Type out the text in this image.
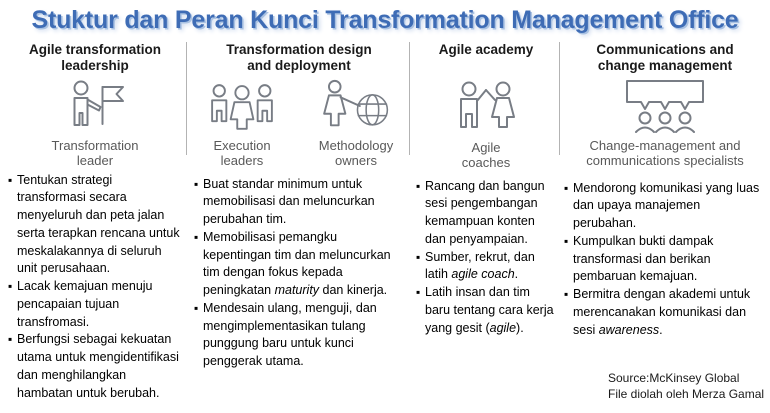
Stuktur dan Peran Kunci Transformation Management Office
Agile transformation leadership
Transformation leader
▪ Tentukan strategi transformasi secara menyeluruh dan peta jalan serta terapkan rencana untuk meskalakannya di seluruh unit perusahaan.
▪ Lacak kemajuan menuju pencapaian tujuan transfromasi.
▪ Berfungsi sebagai kekuatan utama untuk mengidentifikasi dan menghilangkan hambatan untuk berubah.
Transformation design and deployment
Execution leaders
Methodology owners
▪ Buat standar minimum untuk memobilisasi dan meluncurkan perubahan tim.
▪ Memobilisasi pemangku kepentingan tim dan meluncurkan tim dengan fokus kepada peningkatan maturity dan kinerja.
▪ Mendesain ulang, menguji, dan mengimplementasikan tulang punggung baru untuk kunci penggerak utama.
Agile academy
Agile coaches
▪ Rancang dan bangun sesi pengembangan kemampuan konten dan penyampaian.
▪ Sumber, rekrut, dan latih agile coach.
▪ Latih insan dan tim baru tentang cara kerja yang gesit (agile).
Communications and change management
Change-management and communications specialists
▪ Mendorong komunikasi yang luas dan upaya manajemen perubahan.
▪ Kumpulkan bukti dampak transformasi dan berikan pembaruan kemajuan.
▪ Bermitra dengan akademi untuk merencanakan komunikasi dan sesi awareness.
Source:McKinsey Global
File diolah oleh Merza Gamal
